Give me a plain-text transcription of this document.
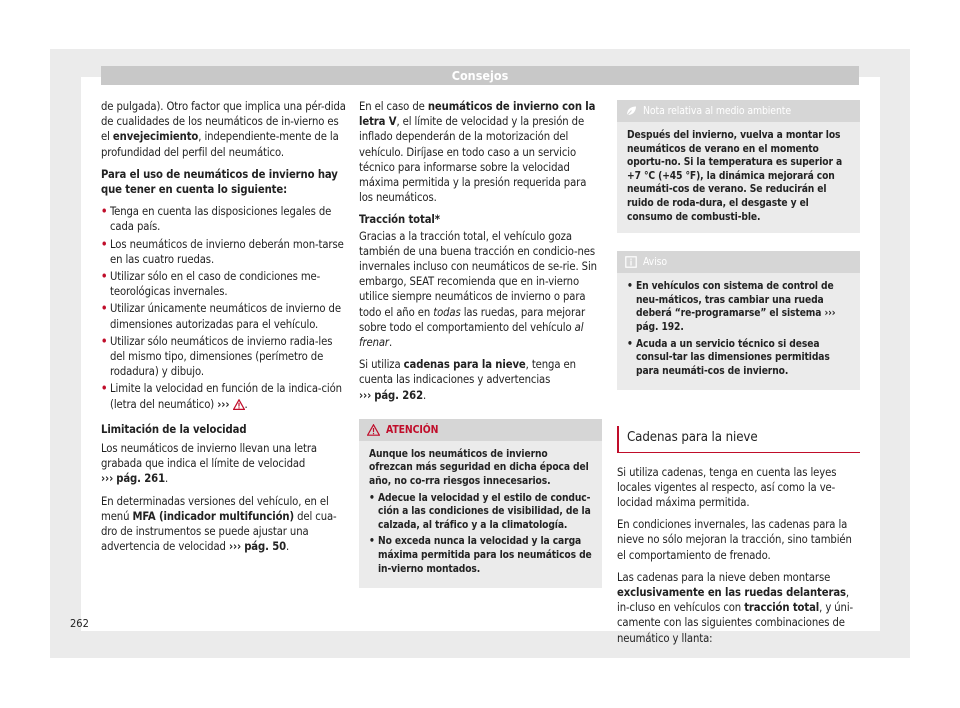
Consejos

de pulgada). Otro factor que implica una pér-dida de cualidades de los neumáticos de in-vierno es el envejecimiento, independiente-mente de la profundidad del perfil del neumático.

Para el uso de neumáticos de invierno hay que tener en cuenta lo siguiente:

• Tenga en cuenta las disposiciones legales de cada país.
• Los neumáticos de invierno deberán mon-tarse en las cuatro ruedas.
• Utilizar sólo en el caso de condiciones me-teorológicas invernales.
• Utilizar únicamente neumáticos de invierno de dimensiones autorizadas para el vehículo.
• Utilizar sólo neumáticos de invierno radia-les del mismo tipo, dimensiones (perímetro de rodadura) y dibujo.
• Limite la velocidad en función de la indica-ción (letra del neumático) ››› .

Limitación de la velocidad

Los neumáticos de invierno llevan una letra grabada que indica el límite de velocidad
››› pág. 261.

En determinadas versiones del vehículo, en el menú MFA (indicador multifunción) del cua-dro de instrumentos se puede ajustar una advertencia de velocidad ››› pág. 50.

En el caso de neumáticos de invierno con la letra V, el límite de velocidad y la presión de inflado dependerán de la motorización del vehículo. Diríjase en todo caso a un servicio técnico para informarse sobre la velocidad máxima permitida y la presión requerida para los neumáticos.

Tracción total*

Gracias a la tracción total, el vehículo goza también de una buena tracción en condicio-nes invernales incluso con neumáticos de se-rie. Sin embargo, SEAT recomienda que en in-vierno utilice siempre neumáticos de invierno o para todo el año en todas las ruedas, para mejorar sobre todo el comportamiento del vehículo al frenar.

Si utiliza cadenas para la nieve, tenga en cuenta las indicaciones y advertencias
››› pág. 262.

ATENCIÓN
Aunque los neumáticos de invierno ofrezcan más seguridad en dicha época del año, no co-rra riesgos innecesarios.
• Adecue la velocidad y el estilo de conduc-ción a las condiciones de visibilidad, de la calzada, al tráfico y a la climatología.
• No exceda nunca la velocidad y la carga máxima permitida para los neumáticos de in-vierno montados.
Nota relativa al medio ambiente
Después del invierno, vuelva a montar los neumáticos de verano en el momento oportu-no. Si la temperatura es superior a +7 °C (+45 °F), la dinámica mejorará con neumáti-cos de verano. Se reducirán el ruido de roda-dura, el desgaste y el consumo de combusti-ble.
Aviso
• En vehículos con sistema de control de neu-máticos, tras cambiar una rueda deberá “re-programarse” el sistema ››› pág. 192.
• Acuda a un servicio técnico si desea consul-tar las dimensiones permitidas para neumáti-cos de invierno.
Cadenas para la nieve

Si utiliza cadenas, tenga en cuenta las leyes locales vigentes al respecto, así como la ve-locidad máxima permitida.

En condiciones invernales, las cadenas para la nieve no sólo mejoran la tracción, sino también el comportamiento de frenado.

Las cadenas para la nieve deben montarse exclusivamente en las ruedas delanteras, in-cluso en vehículos con tracción total, y úni-camente con las siguientes combinaciones de neumático y llanta:

262
